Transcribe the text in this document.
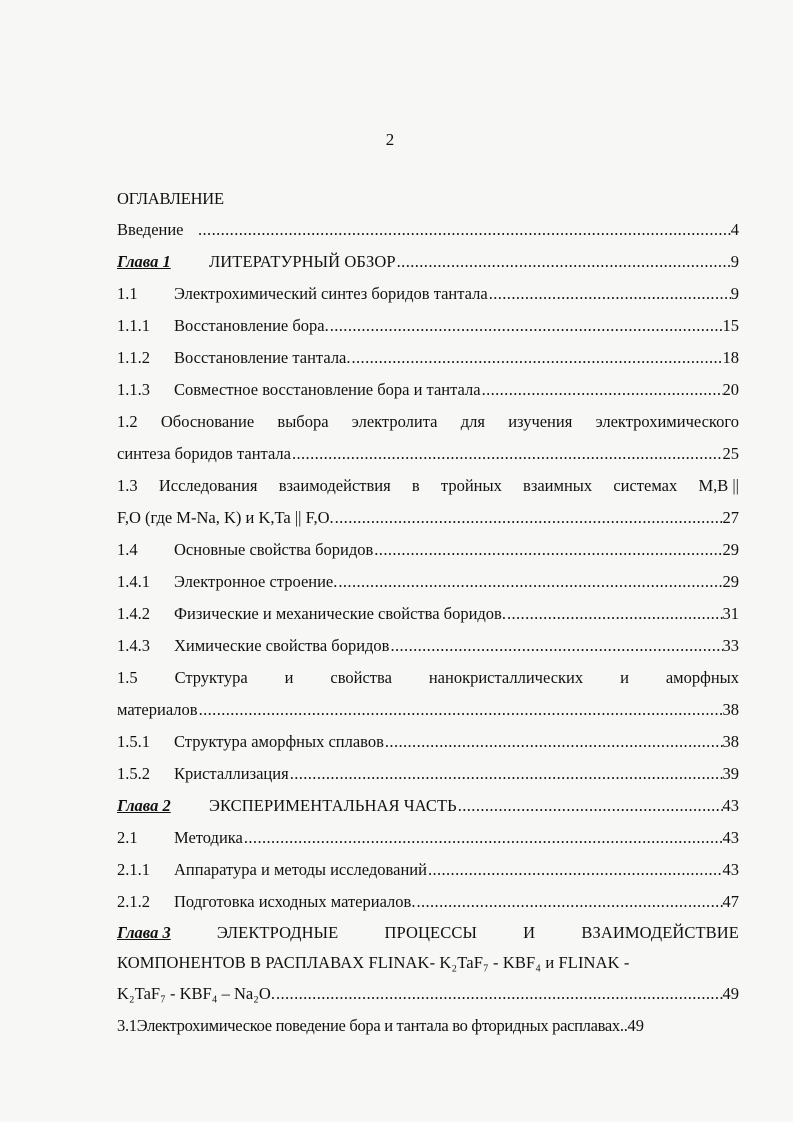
2
ОГЛАВЛЕНИЕ
Введение .....	4
Глава 1	ЛИТЕРАТУРНЫЙ ОБЗОР .....	9
1.1	Электрохимический синтез боридов тантала .....	9
1.1.1	Восстановление бора. .....	15
1.1.2	Восстановление тантала. .....	18
1.1.3	Совместное восстановление бора и тантала .....	20
1.2 Обоснование выбора электролита для изучения электрохимического
синтеза боридов тантала .....	25
1.3 Исследования взаимодействия в тройных взаимных системах M,B ||
F,O (где M-Na, K) и K,Ta || F,O. .....	27
1.4	Основные свойства боридов .....	29
1.4.1	Электронное строение. .....	29
1.4.2	Физические и механические свойства боридов. .....	31
1.4.3	Химические свойства боридов .....	33
1.5 Структура и свойства нанокристаллических и аморфных
материалов .....	38
1.5.1	Структура аморфных сплавов .....	38
1.5.2	Кристаллизация .....	39
Глава 2	ЭКСПЕРИМЕНТАЛЬНАЯ ЧАСТЬ .....	43
2.1	Методика .....	43
2.1.1	Аппаратура и методы исследований .....	43
2.1.2	Подготовка исходных материалов. .....	47
Глава 3	ЭЛЕКТРОДНЫЕ	ПРОЦЕССЫ	И	ВЗАИМОДЕЙСТВИЕ
КОМПОНЕНТОВ В РАСПЛАВАХ FLINAK- K₂TaF₇ - KBF₄ и FLINAK -
K₂TaF₇ - KBF₄ – Na₂O. .....	49
3.1Электрохимическое поведение бора и тантала во фторидных расплавах.. 49
